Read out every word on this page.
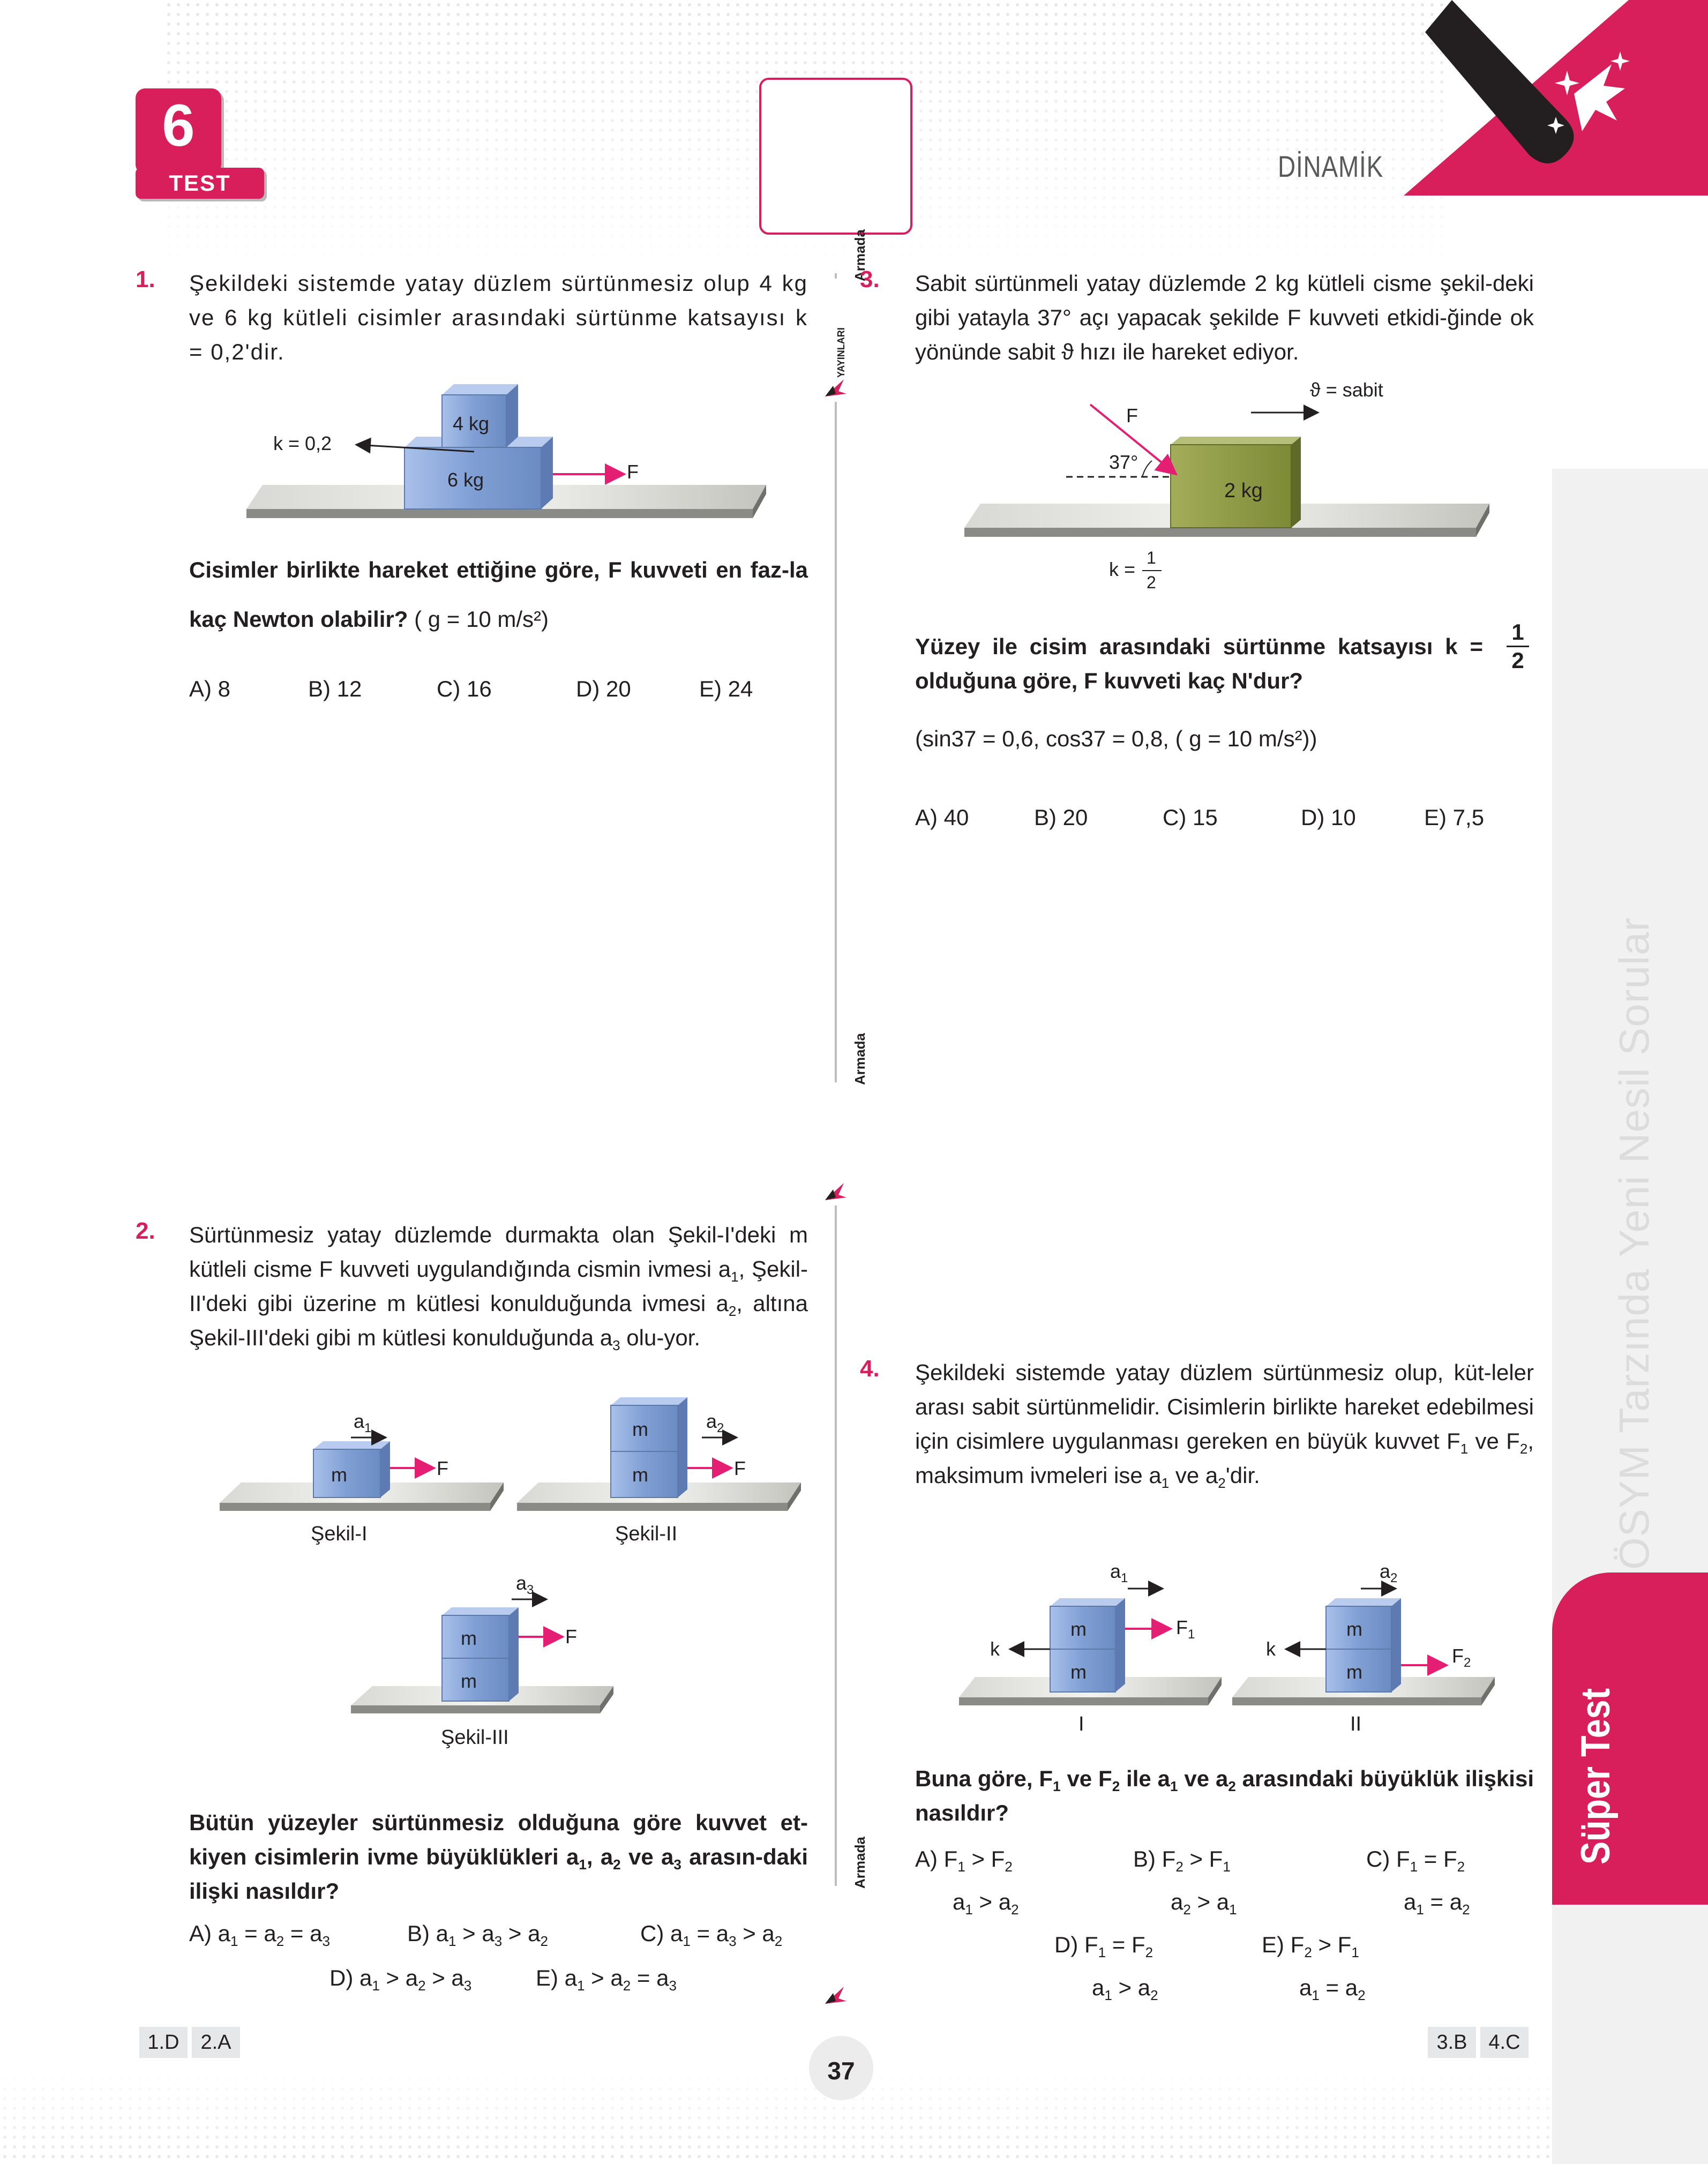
6
TEST	DİNAMİK
ÖSYM Tarzında Yeni Nesil Sorular
Süper Test
Armada
YAYINLARI
Armada
Armada
1. Şekildeki sistemde yatay düzlem sürtünmesiz olup 4 kg ve 6 kg kütleli cisimler arasındaki sürtünme katsayısı k = 0,2'dir.
k = 0,2
4 kg
6 kg	F
Cisimler birlikte hareket ettiğine göre, F kuvveti en faz-la kaç Newton olabilir? ( g = 10 m/s²)
A) 8	B) 12	C) 16	D) 20	E) 24
2. Sürtünmesiz yatay düzlemde durmakta olan Şekil-I'deki m kütleli cisme F kuvveti uygulandığında cismin ivmesi $a_1$, Şekil-II'deki gibi üzerine m kütlesi konulduğunda ivmesi $a_2$, altına Şekil-III'deki gibi m kütlesi konulduğunda $a_3$ olu-yor.
$a_1$
m	F
Şekil-I
$a_2$
m
m	F
Şekil-II
$a_3$
m
m
F
Şekil-III
Bütün yüzeyler sürtünmesiz olduğuna göre kuvvet et-kiyen cisimlerin ivme büyüklükleri $a_1$, $a_2$ ve $a_3$ arasın-daki ilişki nasıldır?
A) $a_1 = a_2 = a_3$	B) $a_1 > a_3 > a_2$	C) $a_1 = a_3 > a_2$
D) $a_1 > a_2 > a_3$	E) $a_1 > a_2 = a_3$
3. Sabit sürtünmeli yatay düzlemde 2 kg kütleli cisme şekil-deki gibi yatayla 37° açı yapacak şekilde F kuvveti etkidi-ğinde ok yönünde sabit ϑ hızı ile hareket ediyor.
ϑ = sabit
F
37°
2 kg
k =
1
2
Yüzey ile cisim arasındaki sürtünme katsayısı k = olduğuna göre, F kuvveti kaç N'dur?
1
2
(sin37 = 0,6, cos37 = 0,8, ( g = 10 m/s²))
A) 40	B) 20	C) 15	D) 10	E) 7,5
4. Şekildeki sistemde yatay düzlem sürtünmesiz olup, küt-leler arası sabit sürtünmelidir. Cisimlerin birlikte hareket edebilmesi için cisimlere uygulanması gereken en büyük kuvvet $F_1$ ve $F_2$, maksimum ivmeleri ise $a_1$ ve $a_2'dir$.
$a_1$
$F_1$
k
m
m
I
$a_2$
$F_2$
k
m
m
II
Buna göre, $F_1$ ve $F_2$ ile $a_1$ ve $a_2$ arasındaki büyüklük ilişkisi nasıldır?
A) $F_1 > F_2$
$a_1 > a_2$
B) $F_2 > F_1$
$a_2 > a_1$
C) $F_1 = F_2$
$a_1 = a_2$
D) $F_1 = F_2$
$a_1 > a_2$
E) $F_2 > F_1$
$a_1 = a_2$
1.D	2.A	3.B	4.C
37
